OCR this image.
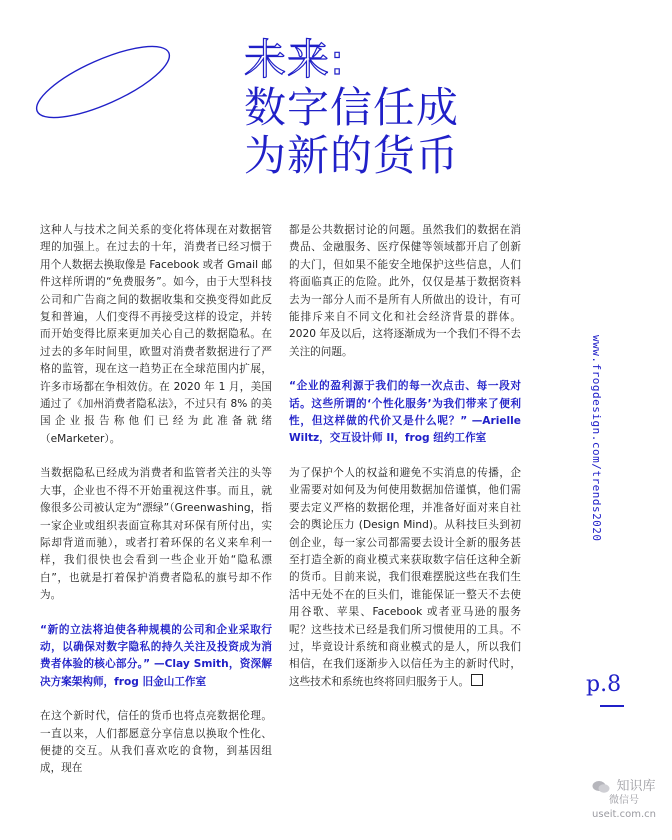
未来:
数字信任成
为新的货币

这种人与技术之间关系的变化将体现在对数据管理的加强上。在过去的十年，消费者已经习惯于用个人数据去换取像是 Facebook 或者 Gmail 邮件这样所谓的“免费服务”。如今，由于大型科技公司和广告商之间的数据收集和交换变得如此反复和普遍，人们变得不再接受这样的设定，并转而开始变得比原来更加关心自己的数据隐私。在过去的多年时间里，欧盟对消费者数据进行了严格的监管，现在这一趋势正在全球范围内扩展，许多市场都在争相效仿。在 2020 年 1 月，美国通过了《加州消费者隐私法》，不过只有 8% 的美国企业报告称他们已经为此准备就绪（eMarketer）。

当数据隐私已经成为消费者和监管者关注的头等大事，企业也不得不开始重视这件事。而且，就像很多公司被认定为“漂绿”（Greenwashing，指一家企业或组织表面宣称其对环保有所付出，实际却背道而驰），或者打着环保的名义来牟利一样，我们很快也会看到一些企业开始“隐私漂白”，也就是打着保护消费者隐私的旗号却不作为。

“新的立法将迫使各种规模的公司和企业采取行动，以确保对数字隐私的持久关注及投资成为消费者体验的核心部分。” —Clay Smith，资深解决方案架构师，frog 旧金山工作室

在这个新时代，信任的货币也将点亮数据伦理。一直以来，人们都愿意分享信息以换取个性化、便捷的交互。从我们喜欢吃的食物，到基因组成，现在

都是公共数据讨论的问题。虽然我们的数据在消费品、金融服务、医疗保健等领域都开启了创新的大门，但如果不能安全地保护这些信息，人们将面临真正的危险。此外，仅仅是基于数据资料去为一部分人而不是所有人所做出的设计，有可能排斥来自不同文化和社会经济背景的群体。2020 年及以后，这将逐渐成为一个我们不得不去关注的问题。

“企业的盈利源于我们的每一次点击、每一段对话。这些所谓的‘个性化服务’为我们带来了便利性，但这样做的代价又是什么呢？” —Arielle Wiltz，交互设计师 II，frog 纽约工作室

为了保护个人的权益和避免不实消息的传播，企业需要对如何及为何使用数据加倍谨慎，他们需要去定义严格的数据伦理，并准备好面对来自社会的舆论压力 (Design Mind)。从科技巨头到初创企业，每一家公司都需要去设计全新的服务甚至打造全新的商业模式来获取数字信任这种全新的货币。目前来说，我们很难摆脱这些在我们生活中无处不在的巨头们，谁能保证一整天不去使用谷歌、苹果、Facebook 或者亚马逊的服务呢？这些技术已经是我们所习惯使用的工具。不过，毕竟设计系统和商业模式的是人，所以我们相信，在我们逐渐步入以信任为主的新时代时，这些技术和系统也终将回归服务于人。

www.frogdesign.com/trends2020
p.8
知识库
微信号 useit.com.cn
